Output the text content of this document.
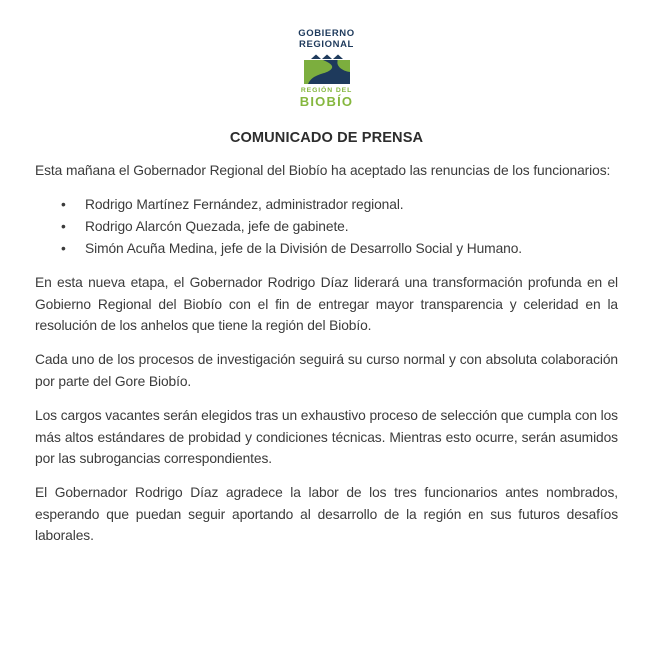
GOBIERNO
REGIONAL
REGIÓN DEL
BIOBÍO
COMUNICADO DE PRENSA

Esta mañana el Gobernador Regional del Biobío ha aceptado las renuncias de los funcionarios:

• Rodrigo Martínez Fernández, administrador regional.
• Rodrigo Alarcón Quezada, jefe de gabinete.
• Simón Acuña Medina, jefe de la División de Desarrollo Social y Humano.

En esta nueva etapa, el Gobernador Rodrigo Díaz liderará una transformación profunda en el Gobierno Regional del Biobío con el fin de entregar mayor transparencia y celeridad en la resolución de los anhelos que tiene la región del Biobío.

Cada uno de los procesos de investigación seguirá su curso normal y con absoluta colaboración por parte del Gore Biobío.

Los cargos vacantes serán elegidos tras un exhaustivo proceso de selección que cumpla con los más altos estándares de probidad y condiciones técnicas. Mientras esto ocurre, serán asumidos por las subrogancias correspondientes.

El Gobernador Rodrigo Díaz agradece la labor de los tres funcionarios antes nombrados, esperando que puedan seguir aportando al desarrollo de la región en sus futuros desafíos laborales.
